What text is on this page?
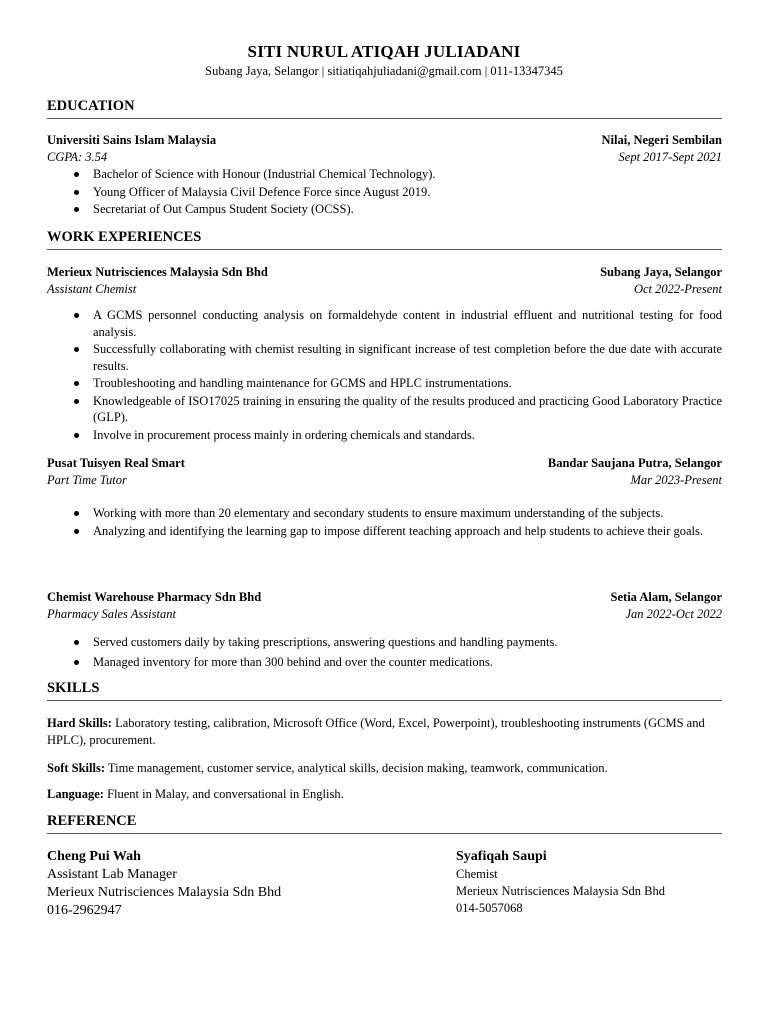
SITI NURUL ATIQAH JULIADANI
Subang Jaya, Selangor | sitiatiqahjuliadani@gmail.com | 011-13347345
EDUCATION
Universiti Sains Islam Malaysia	Nilai, Negeri Sembilan
CGPA: 3.54	Sept 2017-Sept 2021
Bachelor of Science with Honour (Industrial Chemical Technology).
Young Officer of Malaysia Civil Defence Force since August 2019.
Secretariat of Out Campus Student Society (OCSS).
WORK EXPERIENCES
Merieux Nutrisciences Malaysia Sdn Bhd	Subang Jaya, Selangor
Assistant Chemist	Oct 2022-Present
A GCMS personnel conducting analysis on formaldehyde content in industrial effluent and nutritional testing for food analysis.
Successfully collaborating with chemist resulting in significant increase of test completion before the due date with accurate results.
Troubleshooting and handling maintenance for GCMS and HPLC instrumentations.
Knowledgeable of ISO17025 training in ensuring the quality of the results produced and practicing Good Laboratory Practice (GLP).
Involve in procurement process mainly in ordering chemicals and standards.
Pusat Tuisyen Real Smart	Bandar Saujana Putra, Selangor
Part Time Tutor	Mar 2023-Present
Working with more than 20 elementary and secondary students to ensure maximum understanding of the subjects.
Analyzing and identifying the learning gap to impose different teaching approach and help students to achieve their goals.
Chemist Warehouse Pharmacy Sdn Bhd	Setia Alam, Selangor
Pharmacy Sales Assistant	Jan 2022-Oct 2022
Served customers daily by taking prescriptions, answering questions and handling payments.
Managed inventory for more than 300 behind and over the counter medications.
SKILLS
Hard Skills: Laboratory testing, calibration, Microsoft Office (Word, Excel, Powerpoint), troubleshooting instruments (GCMS and HPLC), procurement.
Soft Skills: Time management, customer service, analytical skills, decision making, teamwork, communication.
Language: Fluent in Malay, and conversational in English.
REFERENCE
Cheng Pui Wah
Assistant Lab Manager
Merieux Nutrisciences Malaysia Sdn Bhd
016-2962947
Syafiqah Saupi
Chemist
Merieux Nutrisciences Malaysia Sdn Bhd
014-5057068
